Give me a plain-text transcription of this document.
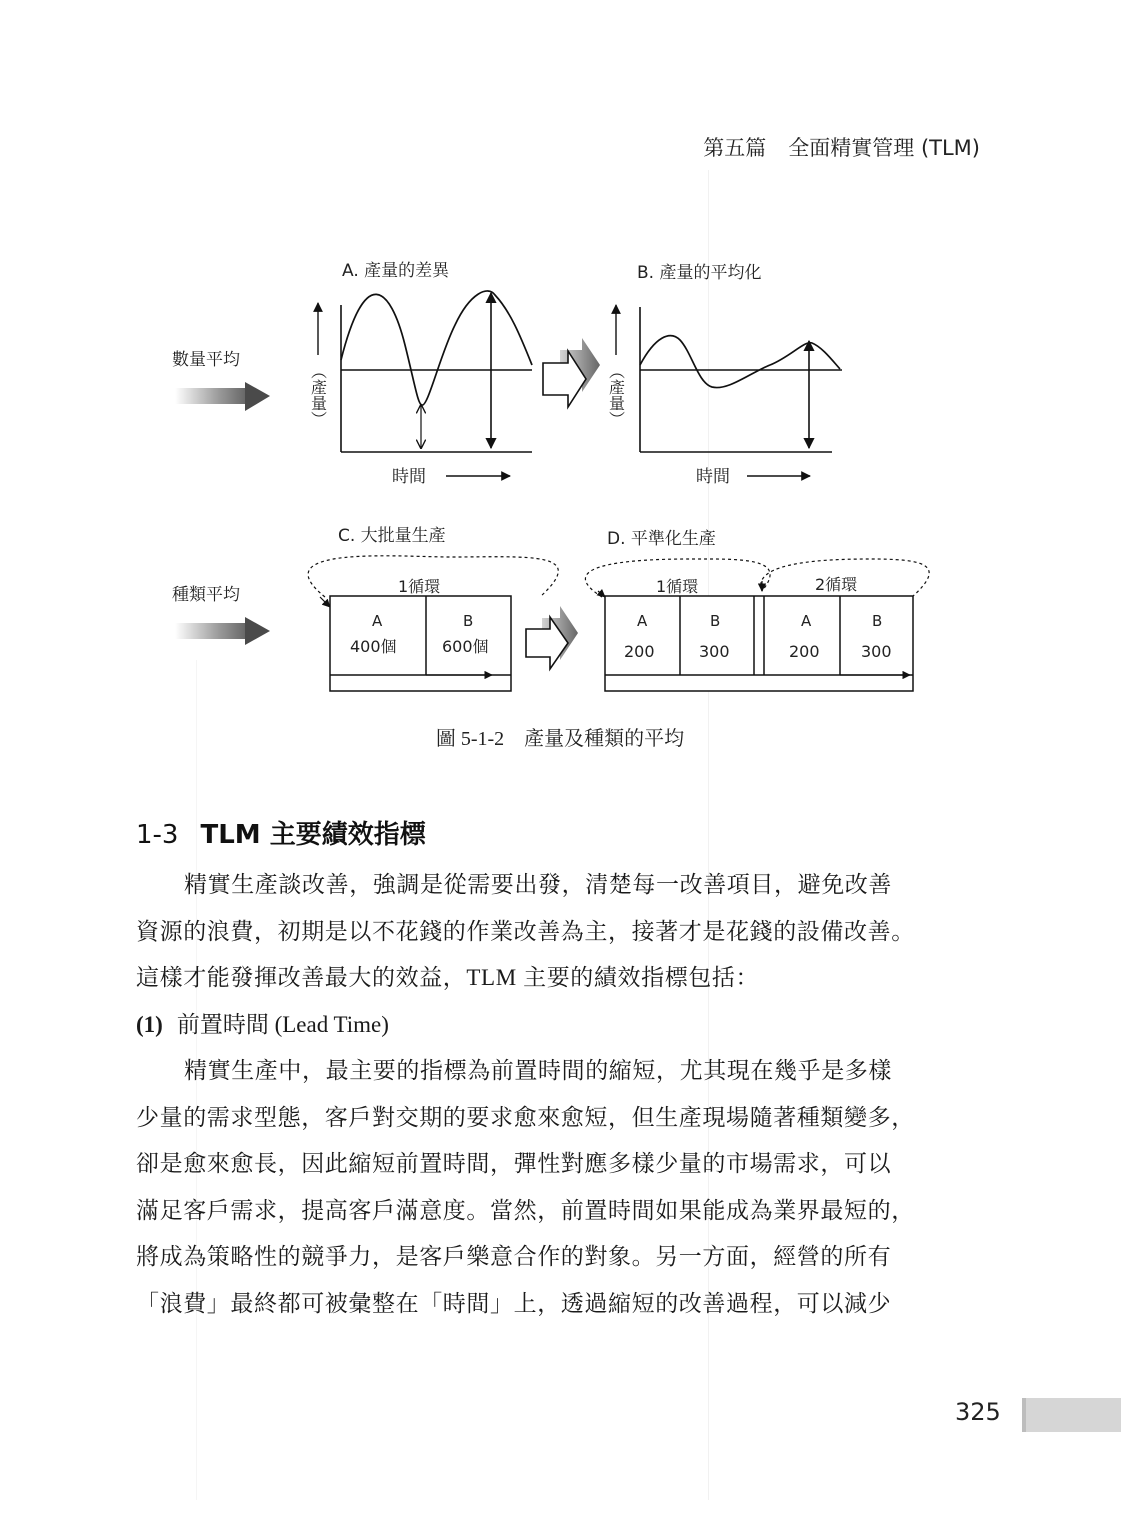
第五篇 全面精實管理 (TLM)
數量平均
種類平均
A. 產量的差異
（產量）
時間
B. 產量的平均化
（產量）
時間
C. 大批量生產
1循環
A
400個
B
600個
D. 平準化生產
1循環	2循環
A
200
B
300
A
200
B
300
圖 5-1-2 產量及種類的平均
1-3 TLM 主要績效指標
精實生產談改善，強調是從需要出發，清楚每一改善項目，避免改善
資源的浪費，初期是以不花錢的作業改善為主，接著才是花錢的設備改善。
這樣才能發揮改善最大的效益，TLM 主要的績效指標包括：
(1) 前置時間 (Lead Time)
精實生產中，最主要的指標為前置時間的縮短，尤其現在幾乎是多樣
少量的需求型態，客戶對交期的要求愈來愈短，但生產現場隨著種類變多，
卻是愈來愈長，因此縮短前置時間，彈性對應多樣少量的市場需求，可以
滿足客戶需求，提高客戶滿意度。當然，前置時間如果能成為業界最短的，
將成為策略性的競爭力，是客戶樂意合作的對象。另一方面，經營的所有
「浪費」最終都可被彙整在「時間」上，透過縮短的改善過程，可以減少
325
